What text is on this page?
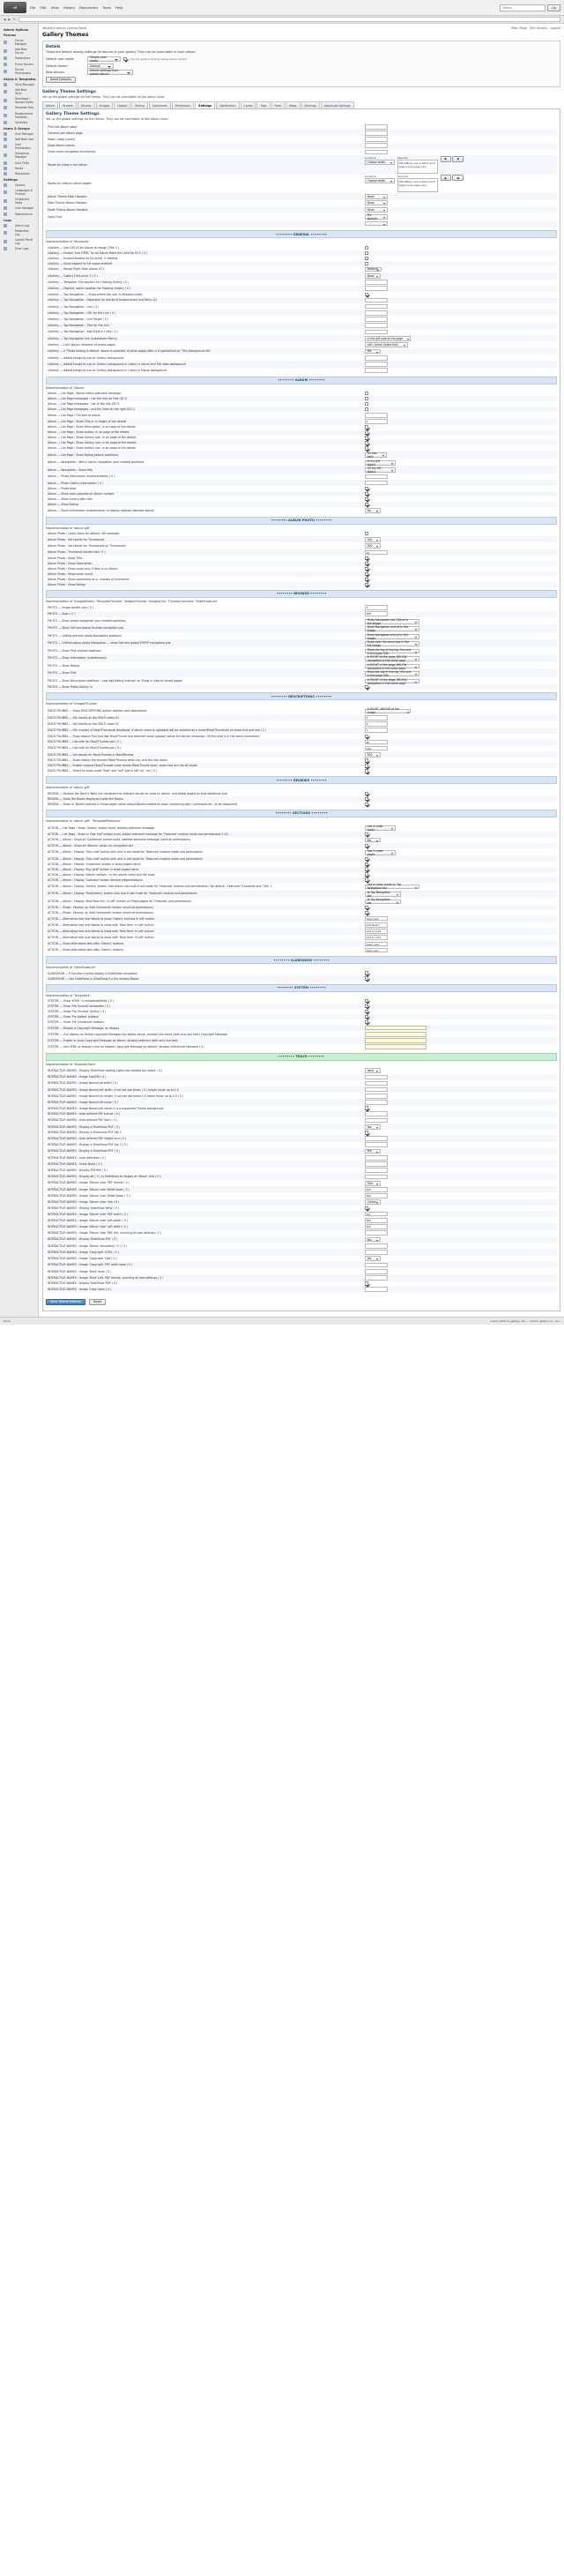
vB	File Edit View History Bookmarks Tools Help
Search	Go
◀ ▶ ↻
Admin Options
Forums
Forum Manager
Add New Forum
Moderators
Prune Forums
Forum Permissions
Styles & Templates
Style Manager
Add New Style
Download / Upload Styles
Template Sets
Replacement Variables
StyleVars
Users & Groups
User Manager
Add New User
User Permissions
Usergroup Manager
User Titles
Ranks
Reputation
Settings
Options
Languages & Phrases
Scheduled Tasks
Cron Manager
Maintenance
Logs
Admin Log
Moderator Log
Control Panel Log
Error Logs
vBulletin Admin Control Panel	Main Page Site Forums Logout
Gallery Themes
Details

These are default display settings for albums in your gallery. They can be overridden in each album.

Default user mode	Simple user mode	Use the gallery settings below as the default
Default theme	Default
New albums	Inherit settings from parent album
Reset Defaults
Gallery Theme Settings
Set up the global settings for the theme. They can be overridden at the album level.
Album	Browse	Display	Images	Upload	Rating	Comments	Permission	Settings	Notification	Cache	Tags	Feed	Maps	Sitemap	Advanced Settings
Gallery Theme Settings
Set up the global settings for the theme. They can be overridden at the album level.
Print Set Album page	
Columns per album page	
Rows / page (cover)	
Show album names	
Show cover navigation thumbnails	
Words for show in the album	Available
Choose width
Selected
Flat setting, use in album print page (cover page only)
▶ ◀

Words for view on album pages	Available
Choose width
Selected
Flat setting, use in album print page (cover page only)
▶ ◀

Album Theme Main Headers	None
Main Theme Album Headers	None
Mode Theme Album Headers	None
Color Font	Pre Special

•••••••• GENERAL ••••••••
Implementation of 'Keywords'
vGallery — Use CSS ID for Album to image (Title 2 )	
vGallery — Enable 'Live HTML' for all Album Make the Limit for ID 2 ( 0 )	
vGallery — Expand textbox to full sized, in loading	
vGallery — Allow expand to full scope enabled	
vGallery — Resize Right Side, album ID 2	Padding
vGallery — Gallery Defs price 2 ( 0 )	None
vGallery — Template: The position for Floating Gallery ( 0 )	
vGallery — Highest, admin position for Floating Gallery ( 0 )	
vGallery — Top Navigation — Show where the user is (Breadcrumbs)	
vGallery — Top Navigation : Separator for blocks of breadcrumbs and Menu (2)	
vGallery — Top Navigation : Link ( 0 )	
vGallery — Top Navigation : URL for the Link ( 0 )	
vGallery — Top Navigation : Link Target ( 0 )	
vGallery — Top Navigation : Title for the Link	
vGallery — Top Navigation : Add Style in Links ( 0 )	
vGallery — Top Navigation link (subdivision Menu)	In the gift side of the page
vGallery — Lock Album, deselect all photo pages	Left / Small (Inline link)
vGallery — If 'Photo sorting is default' above is selected, at what pages after is it specialized on 'This background file'	Yes
vGallery — Added Image to use on Gallery background	
vGallery — Added Image to use on Gallery background in Colors in album and Flat data background	
vGallery — Added Image to use on Gallery background in Colors in Popup background	
•••••••• ALBUM ••••••••
Implementation of 'Album'
Album — List Page : Album within welcome message	
Album — List Page messages : List link Info for title (ID 2)	
Album — List Page messages : List of the Info (ID 2)	
Album — List Page messages : and the View on the right (ID 2)	
Album — List Page : Full-text of album	
Album — List Page : Show Title or in height of the details	2
Album — List Page : Show Description, in an page of the details	
Album — List Page : Show Author, in an page of the details	
Album — List Page : Show Gallery size, in an page of the details	
Album — List Page : Show Gallery icon, in an page of the details	
Album — List Page : Show Gallery nav, in an page of the details	
Album — List Page : Show Rating (album positions)	On one item
Album — Navigation : Which album navigation your needed positions	In my left digest
Album — Navigation : Show title	On my left digest
Album — Photo Description implementation ( 0 )	
Album — Photo Gallery information ( 0 )	
Album — Photo date	
Album — Show main possible on Album number	
Album — Show Gallery with title	
Album — Show Rating	
Album — Show information (subdivisions) to display options (detailed above)	No
•••••••• ALBUM PHOTO ••••••••
Implementation of 'album gift'
Album Photo : Cover items for default, left separate	
Album Photo : Set results for Thumbnails	500
Album Photo : Set results for Thumbnails by Thumbnails	500
Album Photo : Thumbnail border size ( 0 )	12
Album Photo : Show Title	
Album Photo : Show Description	
Album Photo : Show cover only if Item is on Album	
Album Photo : Show cover count	
Album Photo : Show comments as p. number of comments	
Album Photo : Show Rating	
•••••••• BROWSE ••••••••
Implementation of 'ImagesBlocks' 'TemplateThumbs' 'ImagesThumbs' 'ImagesLink' 'ThumbsOverview' 'SlideShowLink'
PHOTO — Image border size ( 0 )	2
PHOTO — Align ( 0 )	#fff
PHOTO — Show photo navigation your needed positions	Photo Navigation per 500 of in the image
PHOTO — Show Self and global thumbs navigation pos.	Show Navigation and all in the image
PHOTO — Unified preview photo Navigation positions	Show Navigation and all in the image
PHOTO — Unified popup photo Navigation — show Self and global POPUP navigation pos.	Show over the same box in the full image
PHOTO — Show Title preview positions	Show the top in the top, the and in the page 500
PHOTO — Show Information (subdivisions)	In RIGHT of the page, BELOW navigation in the same page
PHOTO — Show Rating	In RIGHT of the page, BELOW navigation in the same page
PHOTO — Show Title	Show the top in the top, the and in the page 500
PHOTO — Show Description positions : now add Rating method' so 'Show in view on photo pages'	In RIGHT of the page, BELOW navigation in the same page
PHOTO — Show Photo Gallery in	
•••••••• DESCRIPTIONS ••••••••
Implementation of 'ImagesThumbs'
MULTI-THUMBS — Show DESCRIPTIONS output position and separations	In RIGHT, BELOW of the image
MULTI-THUMBS — Set results on the MULTI-index ID	4
MULTI-THUMBS — Set results on the MULTI-index ID	4
MULTI-THUMBS — Set number of Most/Thumbnail displayed. If album name is uploaded will be selected as a move/Most/Thumbnail on show first and last ( 2 )	2
MULTI-THUMBS — Show always first and last Most/Thumb and selected value (please) below full barrier exception. Off the shot is in the same movement	
MULTI-THUMBS — Use with for Most/Thumbs pos ( 0 )	80
MULTI-THUMBS — Use with for Most/Thumbs pos ( 0 )	120
MULTI-THUMBS — Set results for Most/Thumbs in Most/Review	500
MULTI-THUMBS — Show always the thumbs Most/Thumbs when list, and the real items	
MULTI-THUMBS — Enable support Most/Thumbs most results Most/Thumb table, show they are not all shade	
MULTI-THUMBS — Select to show under 'Real' and 'half' pos in left 'no' 'no' ( 0 )	
•••••••• REVIEWS ••••••••
Implementation of 'album gift'
REVIEW — Position the Back's Table link hardware the relevant border to show on album, and below paged on that additional size	
REVIEW — Show the Books displayed inside the Books	
REVIEW — Show or 'Books' buttons in show pages name (about Books needed to show 'containing with' Comments etc, all be displayed)	
•••••••• SECTIONS ••••••••
Implementation of 'album gift', 'TemplatePhotoLink'
ACTION — List Page : Show 'Gallery' button build, address welcome message	Use in older mode
ACTION — List Page : Show in 'Fast half' button build, button welcome message for 'Featured' module mode and permissions 0 (0)	
ACTION — Album : Show all 'Contained' button build, address welcome message (used all permissions)	No
ACTION — Album : Show all 'Albums' action on navigation bar	
ACTION — Album : Display 'Own mail' button slim and in old mode for 'Featured' module mode and permissions	Use in older mode
ACTION — Album : Display 'Own mail' button slim and in old mode for 'Featured' module mode and permissions	
ACTION — Album : Display 'Contained' button in show pages name	
ACTION — Album : Display 'Buy stuff' button in show pages name	
ACTION — Album : Display 'Album' actions : in the album name and the most	
ACTION — Album : Display 'Common' button remove ad/permissions	
ACTION — Album : Display 'Gallery' button, free album slim and in old mode for 'Featured' module and permissions ( No default : Featured Thumbnail and 'Title' )	Use in older mode on Top Navigation bar
ACTION — Album : Display 'Fast/Gallery' button slim and in old mode for 'Featured' module and permissions	at Top Navigation bar
ACTION — Album : Display 'Real Best link' in Left' button on Photo pages for 'Featured' and permissions	at Top Navigation bar
ACTION — Photo : Display up 'Add Comments' button (must ad permissions)	
ACTION — Photo : Display up 'Add Comments' button (must ad permissions)	
ACTION — Alternative text and Words to show 'Gallery' buttons in left' button	View Cart
ACTION — Alternative text and Words to show with 'Real Item' in Left' button	Add Now!!
ACTION — Alternative text and Words to show with 'Real Item' in Left' button	Add to Cart
ACTION — Alternative text and Words to show with 'Real Item' in Left' button	Add to Cart
ACTION — Show alternative text after 'Gallery' buttons	Clear Cart
ACTION — Show alternative text after 'Gallery' buttons	View Cart
•••••••• SLIDESHOW ••••••••
Implementation of 'SlideShowLink'
SLIDESHOW — If function a show display a SlideShow navigation	
SLIDESHOW — Use SlideShow in SlideShow if a the needed Books	
•••••••• SYSTEM ••••••••
Implementation of 'TemplateX'
SYSTEM — Show 'HTML' in templates/fields ( 0 )	
SYSTEM — Show 'Pre Formed' templates ( 0 )	
SYSTEM — Show 'Pre Formed' Gallery ( 0 )	
SYSTEM — Show 'Pre Added' buttons	
SYSTEM — Show 'Pre Contained' buttons	
SYSTEM — Display a Copyright Message, on display	
SYSTEM — If to display an Parties copyright Message key below album, already this result (with only link text) Copyright Message	
SYSTEM — Enable or show Copyright Message by album, already selected (with only link text)	
SYSTEM — Use HTML or display a link on Header Copyright Message by default, already referenced standard ( 0 )	
•••••••• TRACE ••••••••
Implementation of 'TemplateTrace'
INTERACTIVE-NAMES : Display SlideShow loading rights not needed the select ( 0 )	none
INTERACTIVE-NAMES : Image Size/DB ( 0 )	
INTERACTIVE-NAMES : Image Name/Left width ( 0 )	
INTERACTIVE-NAMES : Image Name/Left' width, if not set see these ( 0 ) height value up to 2.0	
INTERACTIVE-NAMES : Image Name/Full-Height, if not set see these 2.0 latest these up to 2.0 ( 0 )	
INTERACTIVE-NAMES : Image Name/Left value ( 0 )	
INTERACTIVE-NAMES : Image Name/Left value, it is a supported Theme background	
INTERACTIVE-NAMES : Auto defined PDF format ( 0 )	
INTERACTIVE-NAMES : Auto defined PDF form ( 0 )	
INTERACTIVE-NAMES : Display a SlideShow PDF ( 0 )	Yes
INTERACTIVE-NAMES : Display a SlideShow PDF Set 2	
INTERACTIVE-NAMES : Auto defined PDF Height to a ( 0 )	
INTERACTIVE-NAMES : Display a SlideShow PDF Set 3 ( 0 )	
INTERACTIVE-NAMES : Display a SlideShow PDF ( 0 )	Yes
INTERACTIVE-NAMES : Auto definition ( 0 )	
INTERACTIVE-NAMES : Show Alpha ( 0 )	
INTERACTIVE-NAMES : Display PDF/Pre ( 0 )	
INTERACTIVE-NAMES : Display alt ( 0 ) in SlideShow to display at 'Album' Info ( 0 )	
INTERACTIVE-NAMES : Image 'Album' side' PDF format ( 0 )	Title
INTERACTIVE-NAMES : Image 'Album' side' Width base ( 0 )	400
INTERACTIVE-NAMES : Image 'Album' side' Width base, ( 0 )	400
INTERACTIVE-NAMES : Image 'Album' side' Info ( 0 )	Center
INTERACTIVE-NAMES : Display SlideShow NOW ( 0 )	
INTERACTIVE-NAMES : Image 'Album' side' PDF width ( 0 )	Yes
INTERACTIVE-NAMES : Image 'Album' side' Left width ( 0 )	600
INTERACTIVE-NAMES : Image 'Album' side' Left width ( 0 )	600
INTERACTIVE-NAMES : Image 'Album' side' PDF left, counting all look settings ( 0 )	
INTERACTIVE-NAMES : Display SlideShow PDF ( 0 )	Yes
INTERACTIVE-NAMES : Image 'Album' decorated ( 0 ) ( 0 )	
INTERACTIVE-NAMES : Image 'Copyright' HTML ( 0 )	
INTERACTIVE-NAMES : Image 'Copyright' Size ( 0 )	Yes
INTERACTIVE-NAMES : Image 'Copyright' PDF width base ( 0 )	
INTERACTIVE-NAMES : Image 'Start' base ( 0 )	
INTERACTIVE-NAMES : Image 'Start' Left, PDF format, counting all look settings ( 0 )	
INTERACTIVE-NAMES : Display SlideShow PDF ( 0 )	
INTERACTIVE-NAMES : Image 'Copy' base ( 0 )	
Save Theme Settings	Reset
Done	vcard, photo & gallery, etc. — forum gallery inc., Inc.
